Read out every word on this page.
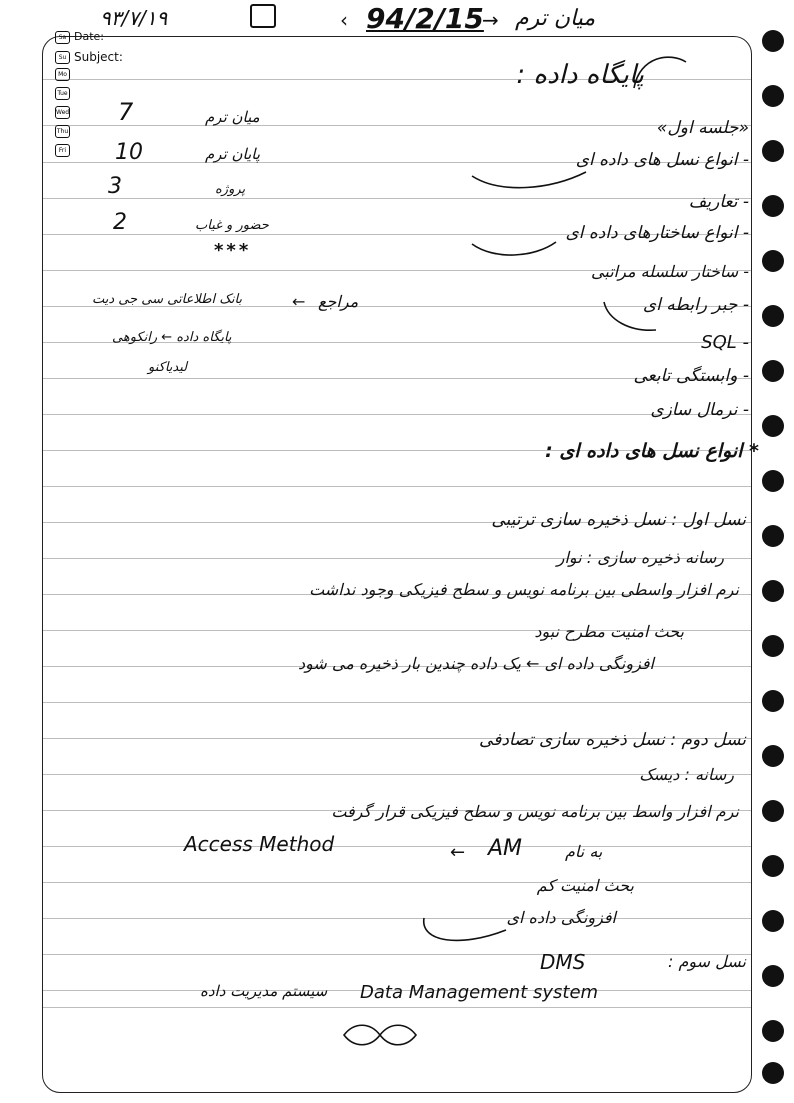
۹۳/۷/۱۹	‹ 94/2/15
→ میان ترم
Sa Date:
Su Subject:
Mo
Tue
Wed
Thu
Fri
پایگاه داده :
«جلسه اول»
7	میان ترم
10	پایان ترم
3	پروژه
2	حضور و غیاب
***
- انواع نسل های داده ای
- تعاریف
- انواع ساختارهای داده ای
- ساختار سلسله مراتبی
- جبر رابطه ای
- SQL
- وابستگی تابعی
- نرمال سازی
مراجع
←
بانک اطلاعاتی سی جی دیت
پایگاه داده ← رانکوهی
لیدیاکنو
* انواع نسل های داده ای :
نسل اول : نسل ذخیره سازی ترتیبی
رسانه ذخیره سازی : نوار
نرم افزار واسطی بین برنامه نویس و سطح فیزیکی وجود نداشت
بحث امنیت مطرح نبود
افزونگی داده ای ← یک داده چندین بار ذخیره می شود
نسل دوم : نسل ذخیره سازی تصادفی
رسانه : دیسک
نرم افزار واسط بین برنامه نویس و سطح فیزیکی قرار گرفت
Access Method	← AM	به نام
بحث امنیت کم
افزونگی داده ای
نسل سوم :
DMS
سیستم مدیریت داده Data Management system
